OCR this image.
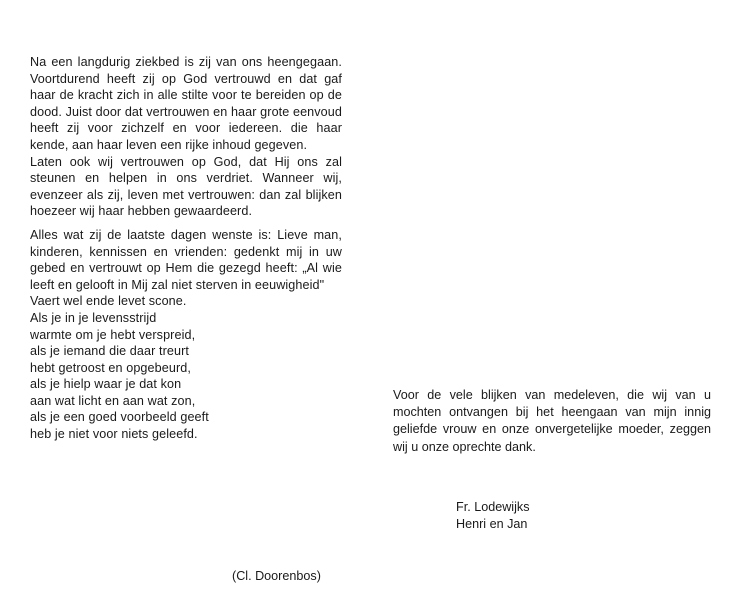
Na een langdurig ziekbed is zij van ons heengegaan. Voortdurend heeft zij op God vertrouwd en dat gaf haar de kracht zich in alle stilte voor te bereiden op de dood. Juist door dat vertrouwen en haar grote eenvoud heeft zij voor zichzelf en voor iedereen. die haar kende, aan haar leven een rijke inhoud gegeven.

Laten ook wij vertrouwen op God, dat Hij ons zal steunen en helpen in ons verdriet. Wanneer wij, evenzeer als zij, leven met vertrouwen: dan zal blijken hoezeer wij haar hebben gewaardeerd.

Alles wat zij de laatste dagen wenste is: Lieve man, kinderen, kennissen en vrienden: gedenkt mij in uw gebed en vertrouwt op Hem die gezegd heeft: „Al wie leeft en gelooft in Mij zal niet sterven in eeuwigheid"

Vaert wel ende levet scone.

Als je in je levensstrijd

warmte om je hebt verspreid,

als je iemand die daar treurt

hebt getroost en opgebeurd,

als je hielp waar je dat kon

aan wat licht en aan wat zon,

als je een goed voorbeeld geeft

heb je niet voor niets geleefd.

(Cl. Doorenbos)

Voor de vele blijken van medeleven, die wij van u mochten ontvangen bij het heengaan van mijn innig geliefde vrouw en onze onvergetelijke moeder, zeggen wij u onze oprechte dank.

Fr. Lodewijks
Henri en Jan
